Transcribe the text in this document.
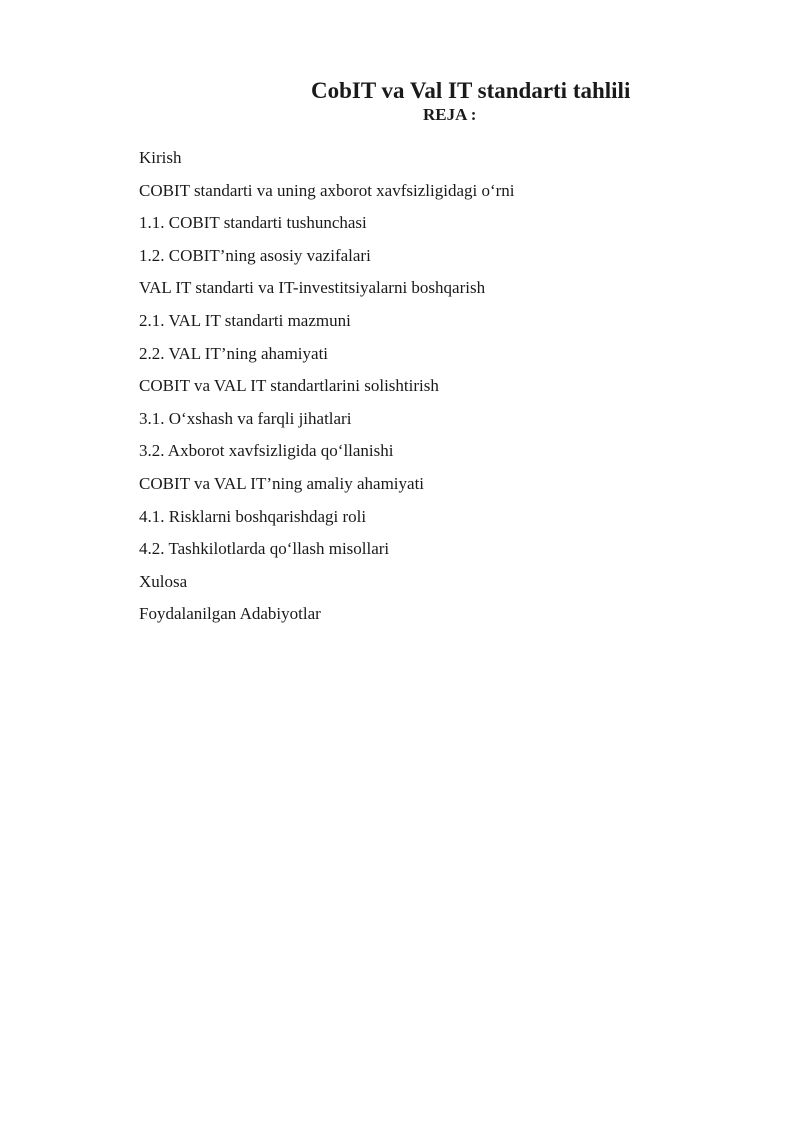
CobIT va Val IT standarti tahlili
REJA :
Kirish
COBIT standarti va uning axborot xavfsizligidagi o‘rni
1.1. COBIT standarti tushunchasi
1.2. COBIT’ning asosiy vazifalari
VAL IT standarti va IT-investitsiyalarni boshqarish
2.1. VAL IT standarti mazmuni
2.2. VAL IT’ning ahamiyati
COBIT va VAL IT standartlarini solishtirish
3.1. O‘xshash va farqli jihatlari
3.2. Axborot xavfsizligida qo‘llanishi
COBIT va VAL IT’ning amaliy ahamiyati
4.1. Risklarni boshqarishdagi roli
4.2. Tashkilotlarda qo‘llash misollari
Xulosa
Foydalanilgan Adabiyotlar
